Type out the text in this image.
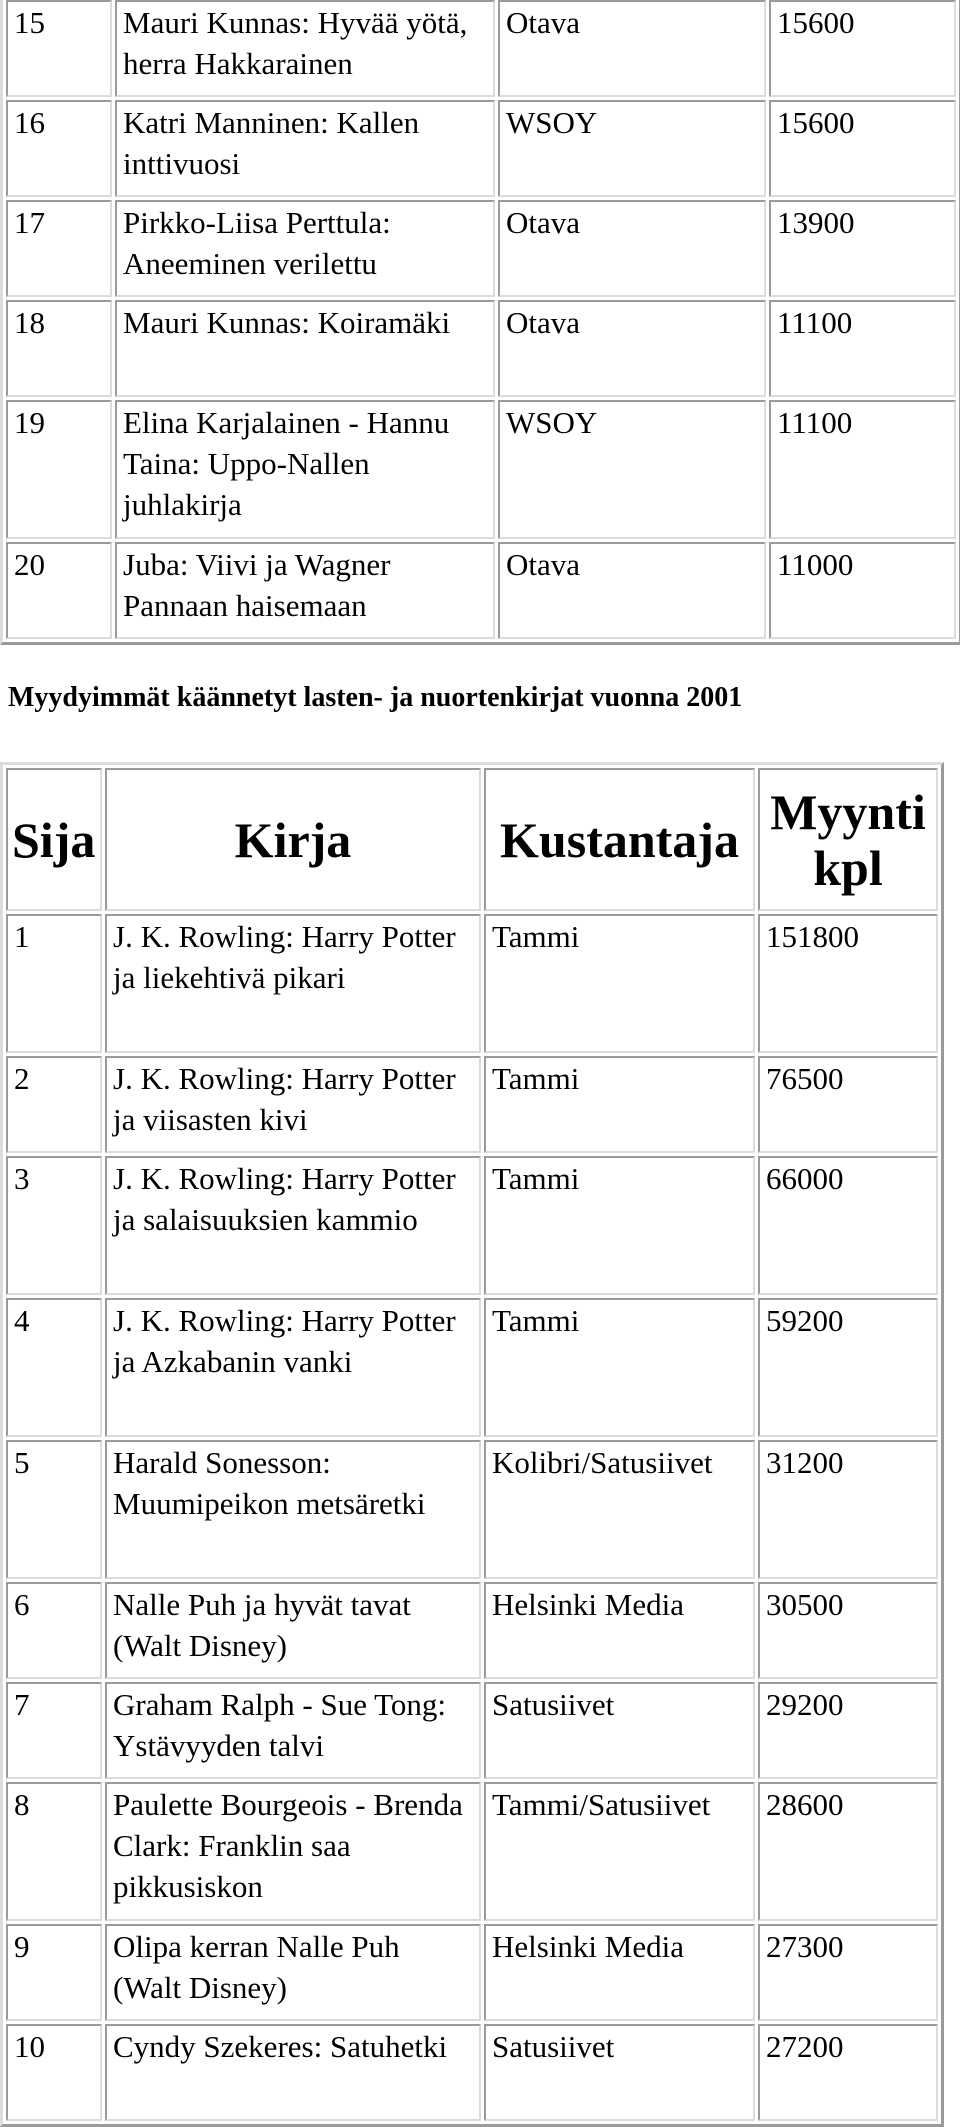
15	Mauri Kunnas: Hyvää yötä, herra Hakkarainen	Otava	15600
16	Katri Manninen: Kallen inttivuosi	WSOY	15600
17	Pirkko-Liisa Perttula: Aneeminen verilettu	Otava	13900
18	Mauri Kunnas: Koiramäki	Otava	11100
19	Elina Karjalainen - Hannu Taina: Uppo-Nallen juhlakirja	WSOY	11100
20	Juba: Viivi ja Wagner Pannaan haisemaan	Otava	11000
Myydyimmät käännetyt lasten- ja nuortenkirjat vuonna 2001
Sija	Kirja	Kustantaja	Myynti kpl
1	J. K. Rowling: Harry Potter ja liekehtivä pikari	Tammi	151800
2	J. K. Rowling: Harry Potter ja viisasten kivi	Tammi	76500
3	J. K. Rowling: Harry Potter ja salaisuuksien kammio	Tammi	66000
4	J. K. Rowling: Harry Potter ja Azkabanin vanki	Tammi	59200
5	Harald Sonesson: Muumipeikon metsäretki	Kolibri/Satusiivet	31200
6	Nalle Puh ja hyvät tavat (Walt Disney)	Helsinki Media	30500
7	Graham Ralph - Sue Tong: Ystävyyden talvi	Satusiivet	29200
8	Paulette Bourgeois - Brenda Clark: Franklin saa pikkusiskon	Tammi/Satusiivet	28600
9	Olipa kerran Nalle Puh (Walt Disney)	Helsinki Media	27300
10	Cyndy Szekeres: Satuhetki	Satusiivet	27200
